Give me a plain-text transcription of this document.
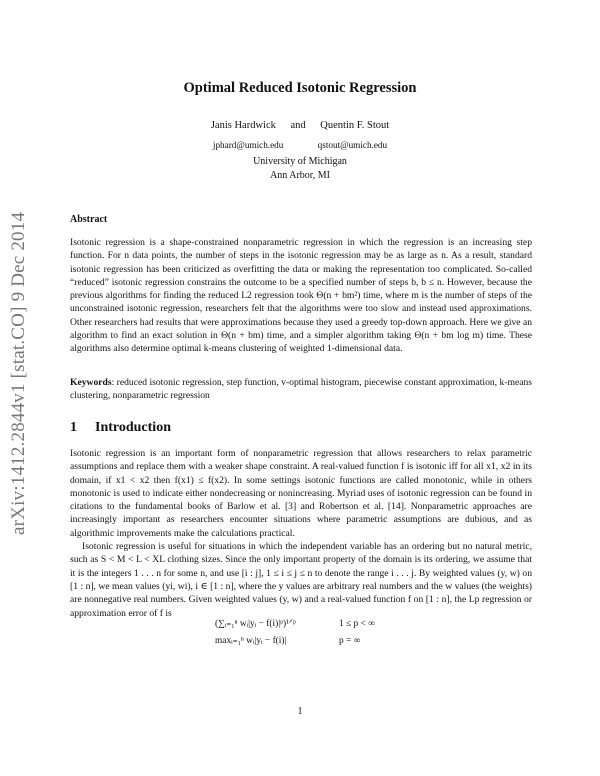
arXiv:1412.2844v1 [stat.CO] 9 Dec 2014
Optimal Reduced Isotonic Regression
Janis Hardwick and Quentin F. Stout
jphard@umich.edu	qstout@umich.edu
University of Michigan
Ann Arbor, MI
Abstract
Isotonic regression is a shape-constrained nonparametric regression in which the regression is an increasing step function. For n data points, the number of steps in the isotonic regression may be as large as n. As a result, standard isotonic regression has been criticized as overfitting the data or making the representation too complicated. So-called “reduced” isotonic regression constrains the outcome to be a specified number of steps b, b ≤ n. However, because the previous algorithms for finding the reduced L2 regression took Θ(n + bm²) time, where m is the number of steps of the unconstrained isotonic regression, researchers felt that the algorithms were too slow and instead used approximations. Other researchers had results that were approximations because they used a greedy top-down approach. Here we give an algorithm to find an exact solution in Θ(n + bm) time, and a simpler algorithm taking Θ(n + bm log m) time. These algorithms also determine optimal k-means clustering of weighted 1-dimensional data.
Keywords: reduced isotonic regression, step function, v-optimal histogram, piecewise constant approximation, k-means clustering, nonparametric regression
1 Introduction

Isotonic regression is an important form of nonparametric regression that allows researchers to relax parametric assumptions and replace them with a weaker shape constraint. A real-valued function f is isotonic iff for all x1, x2 in its domain, if x1 < x2 then f(x1) ≤ f(x2). In some settings isotonic functions are called monotonic, while in others monotonic is used to indicate either nondecreasing or nonincreasing. Myriad uses of isotonic regression can be found in citations to the fundamental books of Barlow et al. [3] and Robertson et al. [14]. Nonparametric approaches are increasingly important as researchers encounter situations where parametric assumptions are dubious, and as algorithmic improvements make the calculations practical.

Isotonic regression is useful for situations in which the independent variable has an ordering but no natural metric, such as S < M < L < XL clothing sizes. Since the only important property of the domain is its ordering, we assume that it is the integers 1 . . . n for some n, and use [i : j], 1 ≤ i ≤ j ≤ n to denote the range i . . . j. By weighted values (y, w) on [1 : n], we mean values (yi, wi), i ∈ [1 : n], where the y values are arbitrary real numbers and the w values (the weights) are nonnegative real numbers. Given weighted values (y, w) and a real-valued function f on [1 : n], the Lp regression or approximation error of f is

(∑ᵢ₌₁ⁿ wᵢ|yᵢ − f(i)|ᵖ)¹ᐟᵖ	1 ≤ p < ∞
maxᵢ₌₁ⁿ wᵢ|yᵢ − f(i)|	p = ∞
1
